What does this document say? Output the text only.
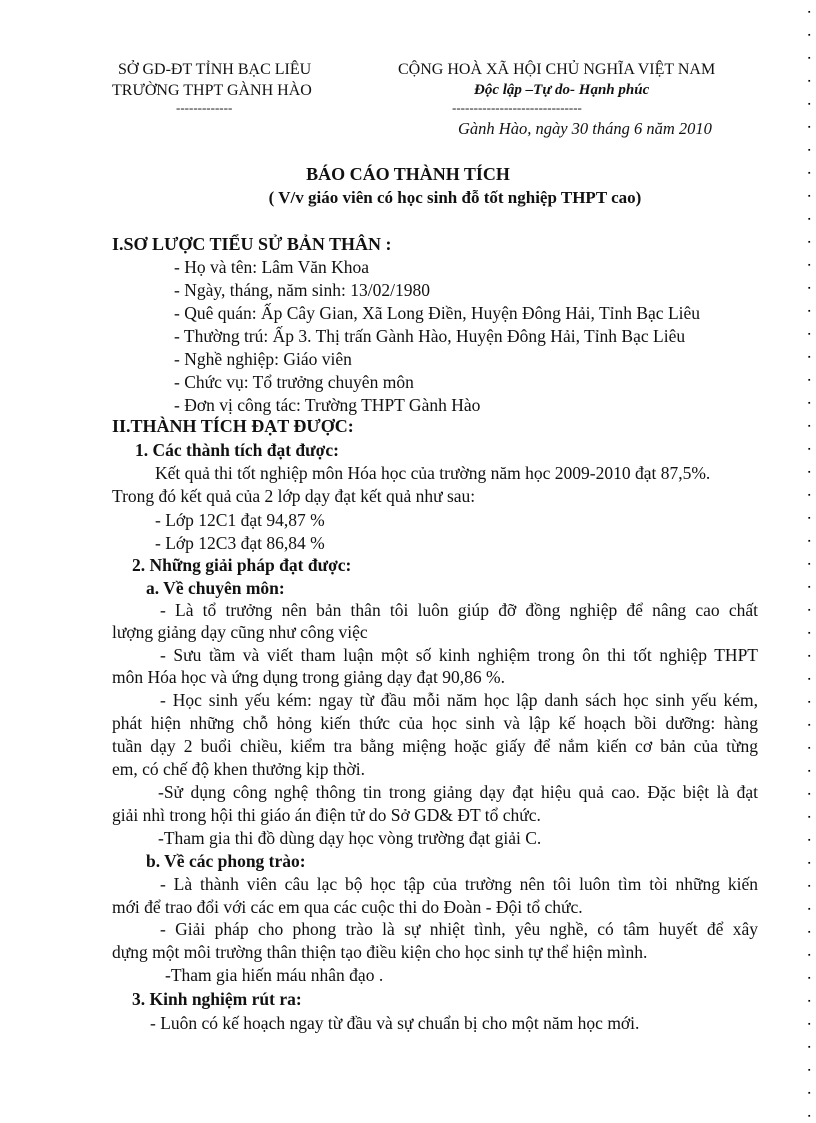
SỞ GD-ĐT TỈNH BẠC LIÊU
TRƯỜNG THPT GÀNH HÀO
-------------
CỘNG HOÀ XÃ HỘI CHỦ NGHĨA VIỆT NAM
Độc lập –Tự do- Hạnh phúc
------------------------------
Gành Hào, ngày 30 tháng 6 năm 2010
BÁO CÁO THÀNH TÍCH
( V/v giáo viên có học sinh đỗ tốt nghiệp THPT cao)
I.SƠ LƯỢC TIỂU SỬ BẢN THÂN :
- Họ và tên: Lâm Văn Khoa
- Ngày, tháng, năm sinh: 13/02/1980
- Quê quán: Ấp Cây Gian, Xã Long Điền, Huyện Đông Hải, Tỉnh Bạc Liêu
- Thường trú: Ấp 3. Thị trấn Gành Hào, Huyện Đông Hải, Tỉnh Bạc Liêu
- Nghề nghiệp: Giáo viên
- Chức vụ: Tổ trưởng chuyên môn
- Đơn vị công tác: Trường THPT Gành Hào
II.THÀNH TÍCH ĐẠT ĐƯỢC:
1. Các thành tích đạt được:
Kết quả thi tốt nghiệp môn Hóa học của trường năm học 2009-2010 đạt 87,5%.
Trong đó kết quả của 2 lớp dạy đạt kết quả như sau:
- Lớp 12C1 đạt 94,87 %
- Lớp 12C3 đạt 86,84 %
2. Những giải pháp đạt được:
a. Về chuyên môn:
- Là tổ trưởng nên bản thân tôi luôn giúp đỡ đồng nghiệp để nâng cao chất
lượng giảng dạy cũng như công việc
- Sưu tầm và viết tham luận một số kinh nghiệm trong ôn thi tốt nghiệp THPT
môn Hóa học và ứng dụng trong giảng dạy đạt 90,86 %.
- Học sinh yếu kém: ngay từ đầu mỗi năm học lập danh sách học sinh yếu kém,
phát hiện những chỗ hỏng kiến thức của học sinh và lập kế hoạch bồi dưỡng: hàng
tuần dạy 2 buổi chiều, kiểm tra bằng miệng hoặc giấy để nắm kiến cơ bản của từng
em, có chế độ khen thưởng kịp thời.
-Sử dụng công nghệ thông tin trong giảng dạy đạt hiệu quả cao. Đặc biệt là đạt
giải nhì trong hội thi giáo án điện tử do Sở GD& ĐT tổ chức.
-Tham gia thi đồ dùng dạy học vòng trường đạt giải C.
b. Về các phong trào:
- Là thành viên câu lạc bộ học tập của trường nên tôi luôn tìm tòi những kiến
mới để trao đổi với các em qua các cuộc thi do Đoàn - Đội tổ chức.
- Giải pháp cho phong trào là sự nhiệt tình, yêu nghề, có tâm huyết để xây
dựng một môi trường thân thiện tạo điều kiện cho học sinh tự thể hiện mình.
-Tham gia hiến máu nhân đạo .
3. Kinh nghiệm rút ra:
- Luôn có kế hoạch ngay từ đầu và sự chuẩn bị cho một năm học mới.
▪
▪
▪
▪
▪
▪
▪
▪
▪
▪
▪
▪
▪
▪
▪
▪
▪
▪
▪
▪
▪
▪
▪
▪
▪
▪
▪
▪
▪
▪
▪
▪
▪
▪
▪
▪
▪
▪
▪
▪
▪
▪
▪
▪
▪
▪
▪
▪
▪
